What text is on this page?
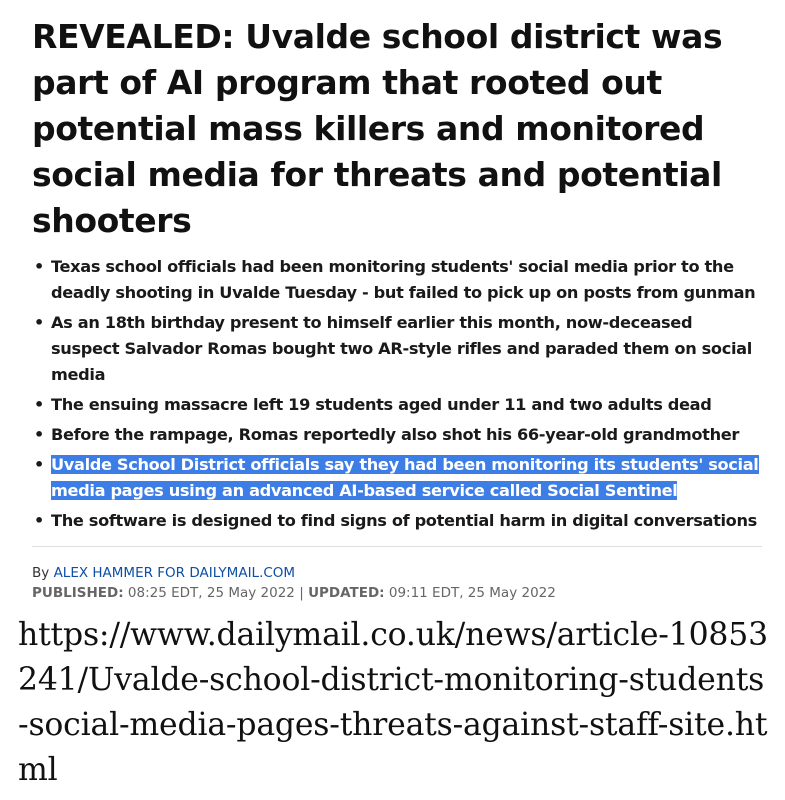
REVEALED: Uvalde school district was part of AI program that rooted out potential mass killers and monitored social media for threats and potential shooters
• Texas school officials had been monitoring students' social media prior to the deadly shooting in Uvalde Tuesday - but failed to pick up on posts from gunman
• As an 18th birthday present to himself earlier this month, now-deceased suspect Salvador Romas bought two AR-style rifles and paraded them on social media
• The ensuing massacre left 19 students aged under 11 and two adults dead
• Before the rampage, Romas reportedly also shot his 66-year-old grandmother
• Uvalde School District officials say they had been monitoring its students' social media pages using an advanced AI-based service called Social Sentinel
• The software is designed to find signs of potential harm in digital conversations
By ALEX HAMMER FOR DAILYMAIL.COM
PUBLISHED: 08:25 EDT, 25 May 2022 | UPDATED: 09:11 EDT, 25 May 2022

https://www.dailymail.co.uk/news/article-10853241/Uvalde-school-district-monitoring-students-social-media-pages-threats-against-staff-site.html
